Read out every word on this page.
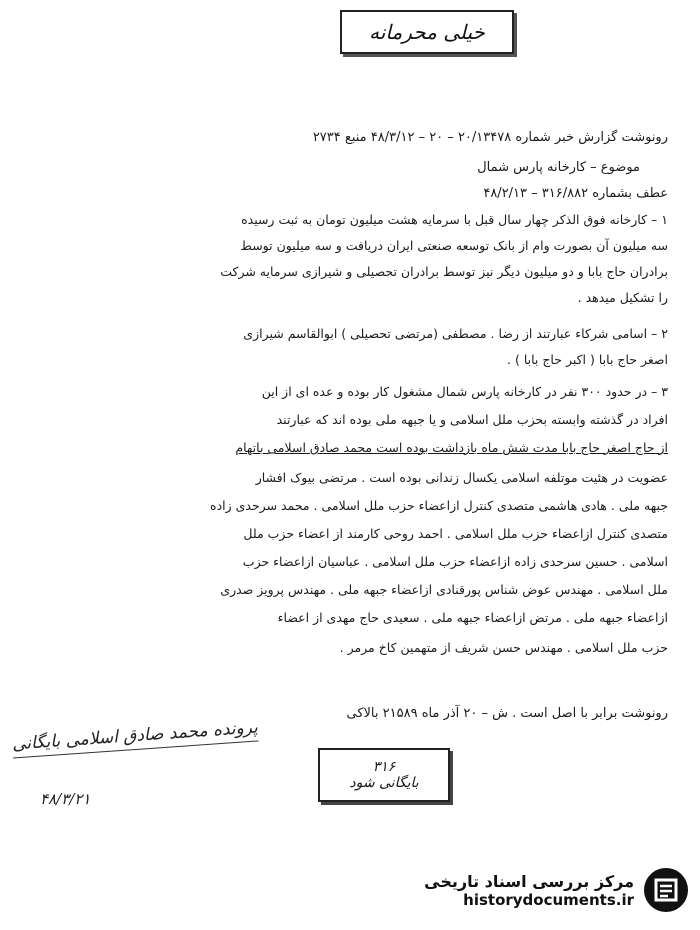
خیلی محرمانه
رونوشت گزارش خبر شماره ۲۰/۱۳۴۷۸ – ۲۰ – ۴۸/۳/۱۲ منبع ۲۷۳۴
موضوع – کارخانه پارس شمال
عطف بشماره ۳۱۶/۸۸۲ – ۴۸/۲/۱۳
۱ – کارخانه فوق الذکر چهار سال قبل با سرمایه هشت میلیون تومان به ثبت رسیده
سه میلیون آن بصورت وام از بانک توسعه صنعتی ایران دریافت و سه میلیون توسط
برادران حاج بابا و دو میلیون دیگر نیز توسط برادران تحصیلی و شیرازی سرمایه شرکت
را تشکیل میدهد .
۲ – اسامی شرکاء عبارتند از رضا . مصطفی (مرتضی تحصیلی ) ابوالقاسم شیرازی
اصغر حاج بابا ( اکبر حاج بابا ) .
۳ – در حدود ۳۰۰ نفر در کارخانه پارس شمال مشغول کار بوده و عده ای از این
افراد در گذشته وابسته بحزب ملل اسلامی و یا جبهه ملی بوده اند که عبارتند
از حاج اصغر حاج بابا مدت شش ماه بازداشت بوده است محمد صادق اسلامی باتهام
عضویت در هئیت موتلفه اسلامی یکسال زندانی بوده است . مرتضی بیوک افشار
جبهه ملی . هادی هاشمی متصدی کنترل ازاعضاء حزب ملل اسلامی . محمد سرحدی زاده
متصدی کنترل ازاعضاء حزب ملل اسلامی . احمد روحی کارمند از اعضاء حزب ملل
اسلامی . حسین سرحدی زاده ازاعضاء حزب ملل اسلامی . عباسیان ازاعضاء حزب
ملل اسلامی . مهندس عوض شناس پورقنادی ازاعضاء جبهه ملی . مهندس پرویز صدری
ازاعضاء جبهه ملی . مرتض ازاعضاء جبهه ملی . سعیدی حاج مهدی از اعضاء
حزب ملل اسلامی . مهندس حسن شریف از متهمین کاخ مرمر .
رونوشت برابر با اصل است . ش – ۲۰ آذر ماه ۲۱۵۸۹ بالاکی
پرونده محمد صادق اسلامی بایگانی
۴۸/۳/۲۱
۳۱۶
بایگانی شود
مرکز بررسی اسناد تاریخی
historydocuments.ir
